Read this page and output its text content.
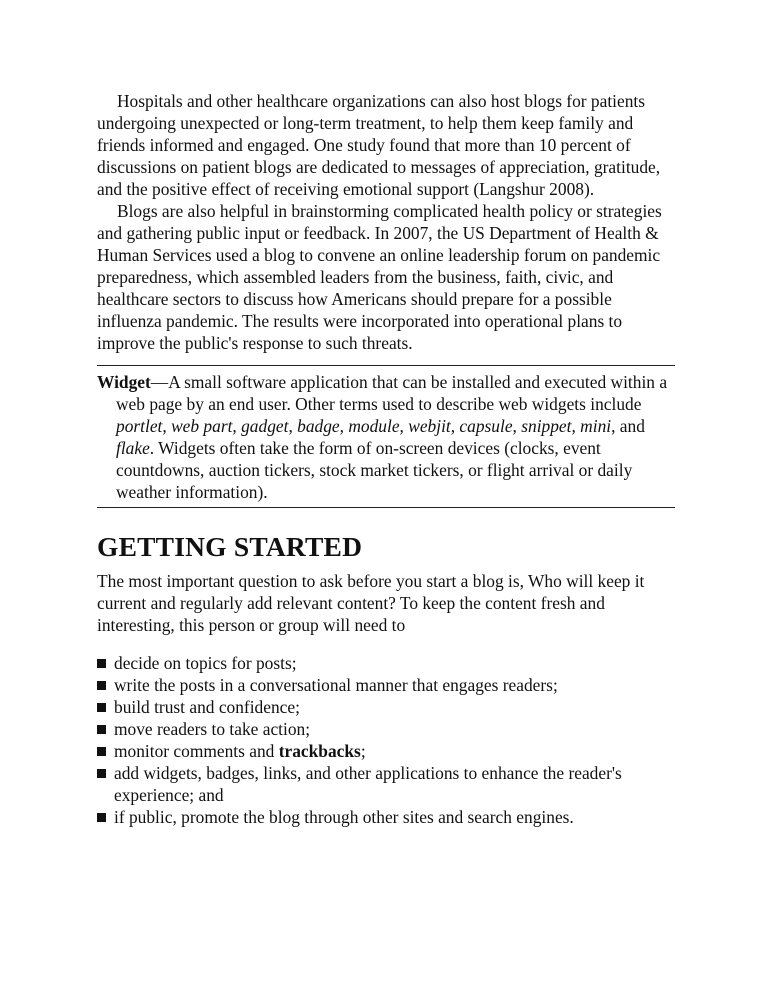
Hospitals and other healthcare organizations can also host blogs for patients undergoing unexpected or long-term treatment, to help them keep family and friends informed and engaged. One study found that more than 10 percent of discussions on patient blogs are dedicated to messages of appreciation, gratitude, and the positive effect of receiving emotional support (Langshur 2008).

Blogs are also helpful in brainstorming complicated health policy or strategies and gathering public input or feedback. In 2007, the US Department of Health & Human Services used a blog to convene an online leadership forum on pandemic preparedness, which assembled leaders from the business, faith, civic, and healthcare sectors to discuss how Americans should prepare for a possible influenza pandemic. The results were incorporated into operational plans to improve the public's response to such threats.

Widget—A small software application that can be installed and executed within a web page by an end user. Other terms used to describe web widgets include portlet, web part, gadget, badge, module, webjit, capsule, snippet, mini, and flake. Widgets often take the form of on-screen devices (clocks, event countdowns, auction tickers, stock market tickers, or flight arrival or daily weather information).

GETTING STARTED

The most important question to ask before you start a blog is, Who will keep it current and regularly add relevant content? To keep the content fresh and interesting, this person or group will need to

decide on topics for posts;
write the posts in a conversational manner that engages readers;
build trust and confidence;
move readers to take action;
monitor comments and trackbacks;
add widgets, badges, links, and other applications to enhance the reader's experience; and
if public, promote the blog through other sites and search engines.
